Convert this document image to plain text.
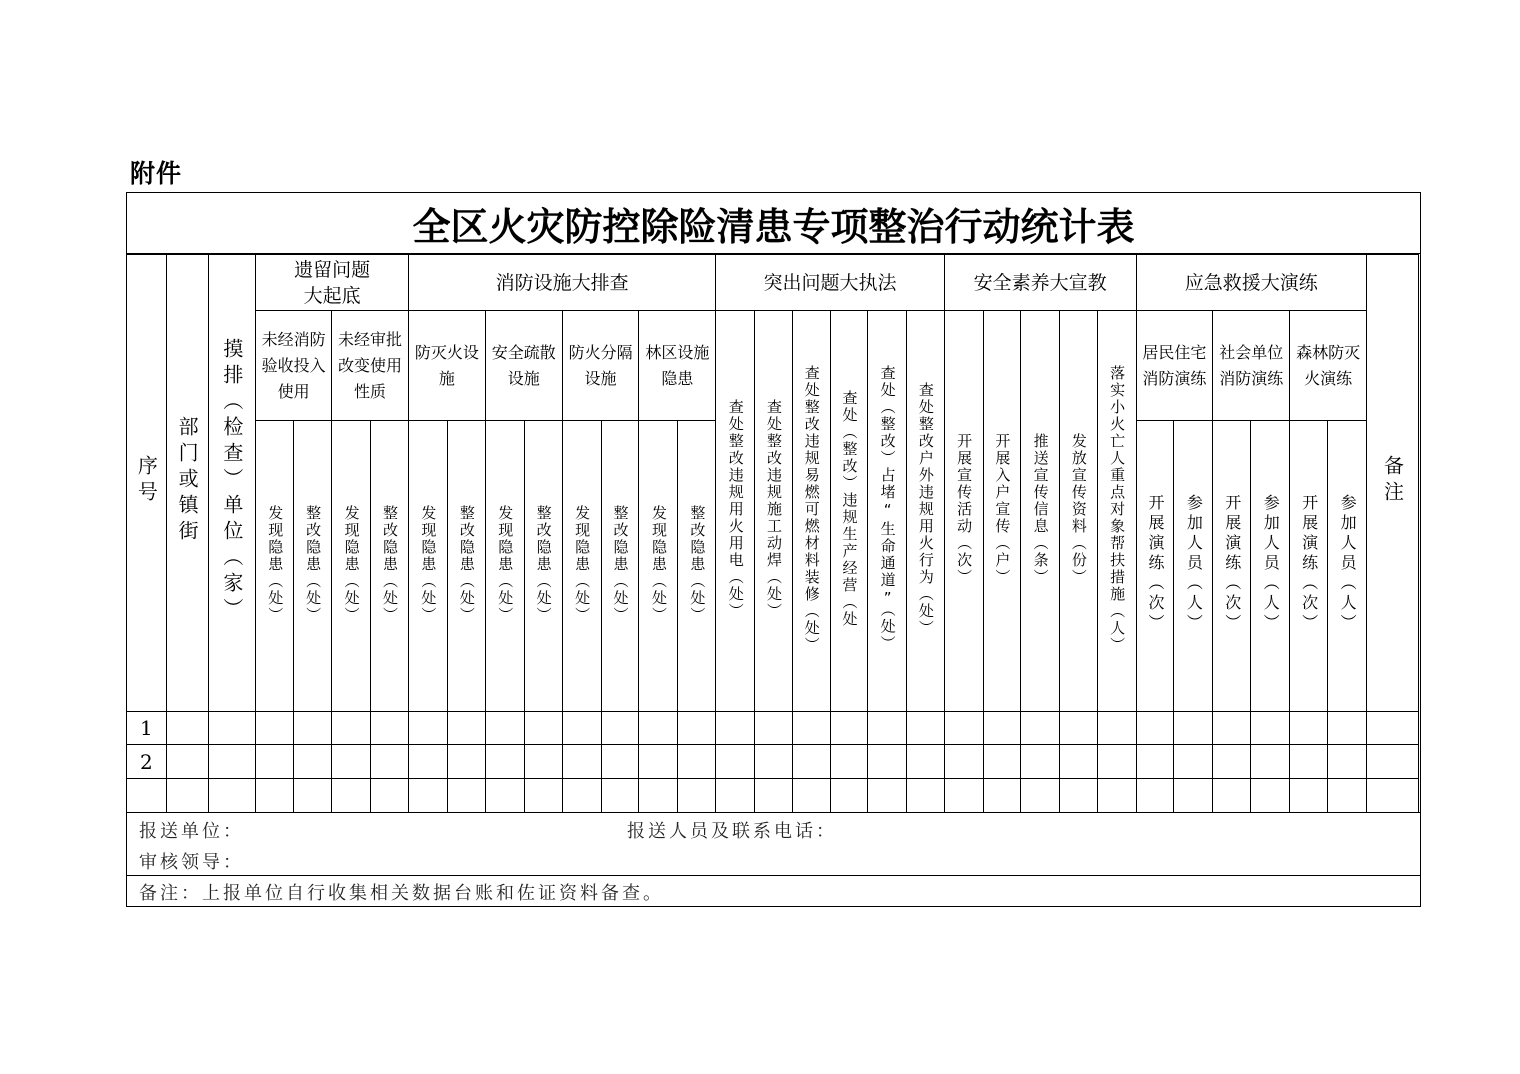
附件
全区火灾防控除险清患专项整治行动统计表
序号	部门或镇街	摸排（检查）单位（家）	遗留问题大起底				消防设施大排查								突出问题大执法						安全素养大宣教					应急救援大演练						备注

			未经消防验收投入使用		未经审批改变使用性质		防灭火设施		安全疏散设施		防火分隔设施		林区设施隐患		查处整改违规用火用电（处）	查处整改违规施工动焊（处）	查处整改违规易燃可燃材料装修（处）	查处（整改）违规生产经营（处	查处（整改）占堵“生命通道”（处）	查处整改户外违规用火行为（处）	开展宣传活动（次）	开展入户宣传（户）	推送宣传信息（条）	发放宣传资料（份）	落实小火亡人重点对象帮扶措施（人）	居民住宅消防演练		社会单位消防演练		森林防灭火演练		

			发现隐患（处）	整改隐患（处）	发现隐患（处）	整改隐患（处）	发现隐患（处）	整改隐患（处）	发现隐患（处）	整改隐患（处）	发现隐患（处）	整改隐患（处）	发现隐患（处）	整改隐患（处）												开展演练（次）	参加人员（人）	开展演练（次）	参加人员（人）	开展演练（次）	参加人员（人）	
1																																
2																																

报送单位：	报送人员及联系电话：
审核领导：
备注：上报单位自行收集相关数据台账和佐证资料备查。
